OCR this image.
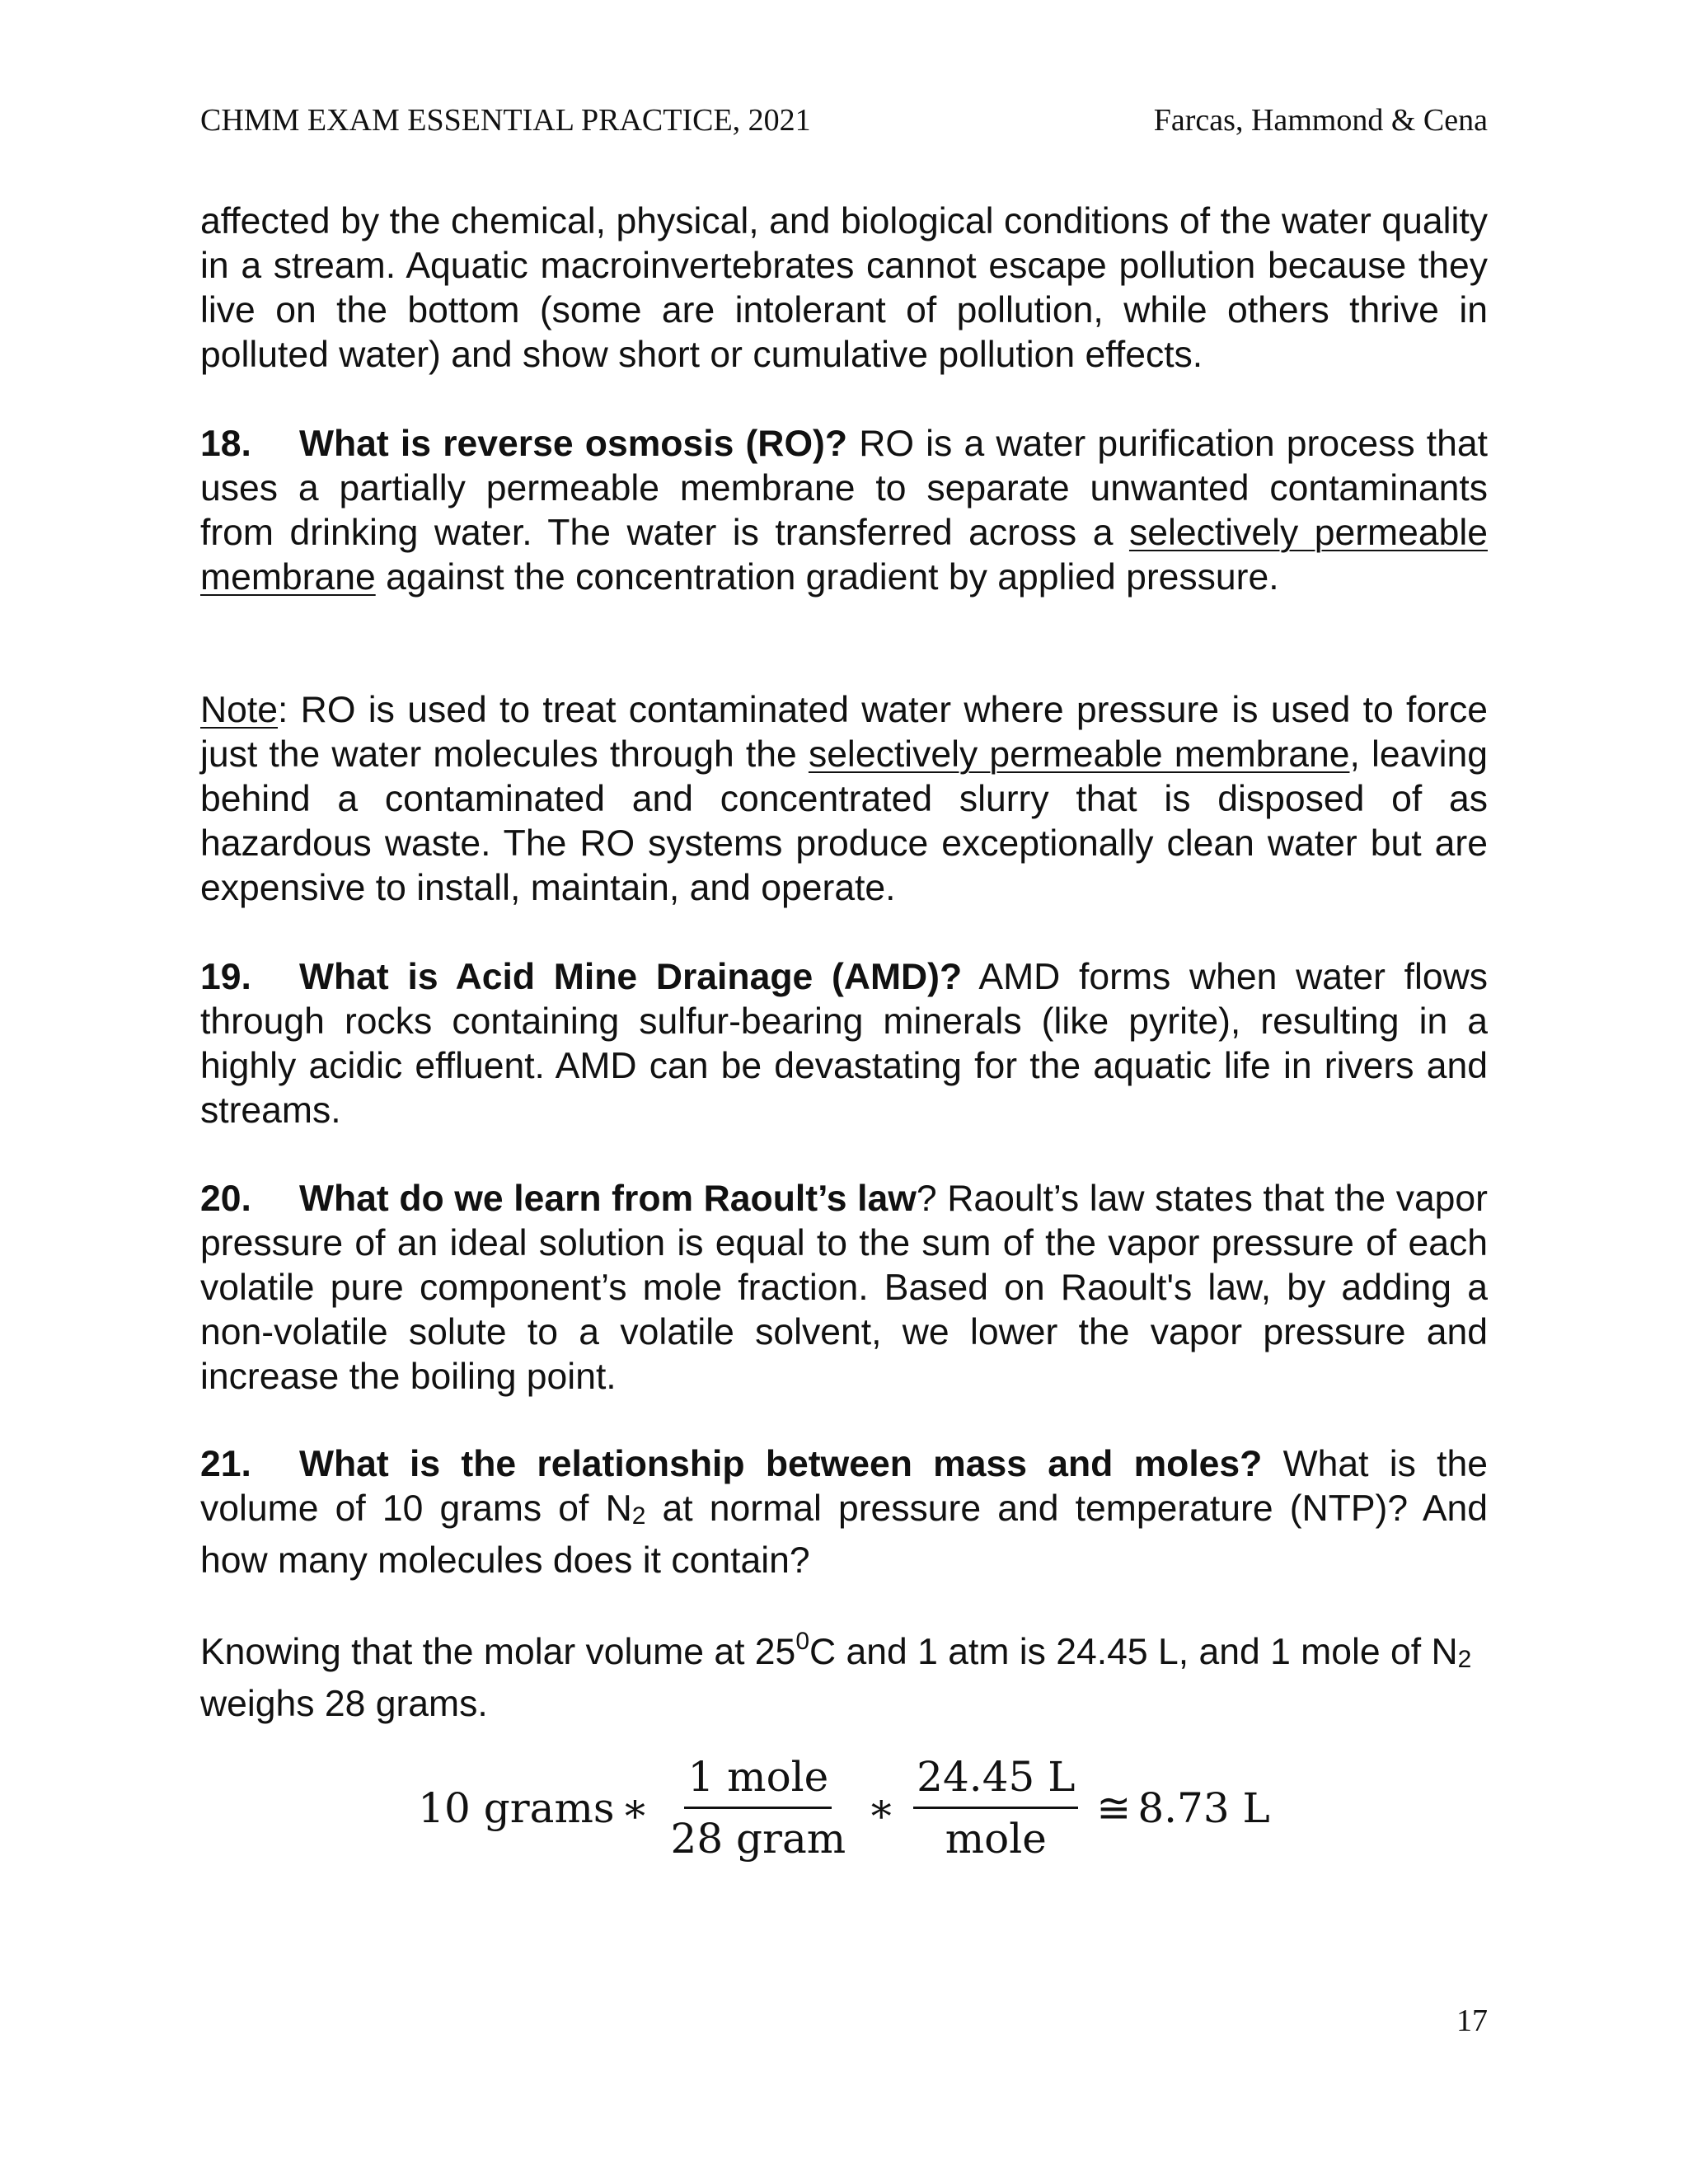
CHMM EXAM ESSENTIAL PRACTICE, 2021	Farcas, Hammond & Cena

affected by the chemical, physical, and biological conditions of the water quality in a stream. Aquatic macroinvertebrates cannot escape pollution because they live on the bottom (some are intolerant of pollution, while others thrive in polluted water) and show short or cumulative pollution effects.

18. What is reverse osmosis (RO)? RO is a water purification process that uses a partially permeable membrane to separate unwanted contaminants from drinking water. The water is transferred across a selectively permeable membrane against the concentration gradient by applied pressure.

Note: RO is used to treat contaminated water where pressure is used to force just the water molecules through the selectively permeable membrane, leaving behind a contaminated and concentrated slurry that is disposed of as hazardous waste. The RO systems produce exceptionally clean water but are expensive to install, maintain, and operate.

19. What is Acid Mine Drainage (AMD)? AMD forms when water flows through rocks containing sulfur-bearing minerals (like pyrite), resulting in a highly acidic effluent. AMD can be devastating for the aquatic life in rivers and streams.

20. What do we learn from Raoult’s law? Raoult’s law states that the vapor pressure of an ideal solution is equal to the sum of the vapor pressure of each volatile pure component’s mole fraction. Based on Raoult's law, by adding a non-volatile solute to a volatile solvent, we lower the vapor pressure and increase the boiling point.

21. What is the relationship between mass and moles? What is the volume of 10 grams of N2 at normal pressure and temperature (NTP)? And how many molecules does it contain?

Knowing that the molar volume at $25^0C$ and 1 atm is 24.45 L, and 1 mole of N2 weighs 28 grams.

10 grams ∗ $\frac{\text{1 mole}}{\text{28 gram}}$ ∗ $\frac{24.45 L}{\text{mole}}$ ≅ 8.73 L
17
